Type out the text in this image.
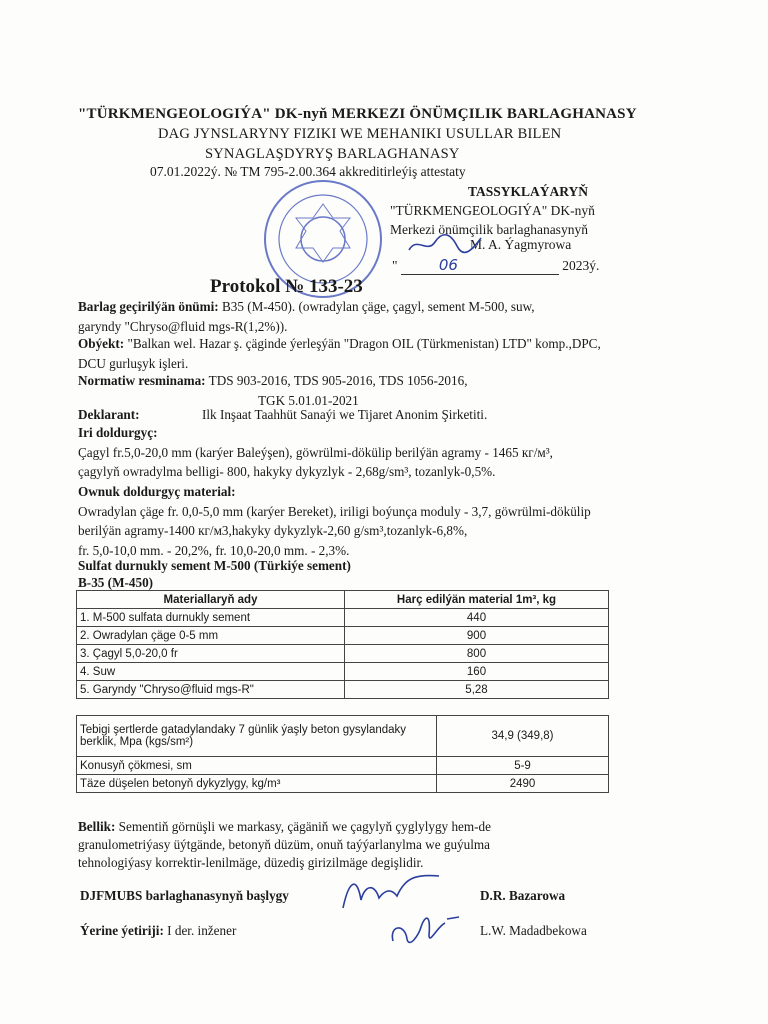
"TÜRKMENGEOLOGIÝA" DK-nyň MERKEZI ÖNÜMÇILIK BARLAGHANASY
DAG JYNSLARYNY FIZIKI WE MEHANIKI USULLAR BILEN
SYNAGLAŞDYRYŞ BARLAGHANASY
07.01.2022ý. № TM 795-2.00.364 akkreditirleýiş attestaty
TASSYKLAÝARYŇ
"TÜRKMENGEOLOGIÝA" DK-nyň
Merkezi önümçilik barlaghanasynyň
M. A. Ýagmyrowa
"	06	2023ý.
Protokol № 133-23
Barlag geçirilýän önümi: B35 (M-450). (owradylan çäge, çagyl, sement M-500, suw,
garyndy "Chryso@fluid mgs-R(1,2%)).
Obýekt: "Balkan wel. Hazar ş. çäginde ýerleşýän "Dragon OIL (Türkmenistan) LTD" komp.,DPC,
DCU gurluşyk işleri.
Normatiw resminama: TDS 903-2016, TDS 905-2016, TDS 1056-2016,
TGK 5.01.01-2021
Deklarant:	Ilk Inşaat Taahhüt Sanaýi we Tijaret Anonim Şirketiti.
Iri doldurgyç:
Çagyl fr.5,0-20,0 mm (karýer Baleýşen), göwrülmi-dökülip berilýän agramy - 1465 кг/м³,
çagylyň owradylma belligi- 800, hakyky dykyzlyk - 2,68g/sm³, tozanlyk-0,5%.
Ownuk doldurgyç material:
Owradylan çäge fr. 0,0-5,0 mm (karýer Bereket), iriligi boýunça moduly - 3,7, göwrülmi-dökülip
berilýän agramy-1400 кг/м3,hakyky dykyzlyk-2,60 g/sm³,tozanlyk-6,8%,
fr. 5,0-10,0 mm. - 20,2%, fr. 10,0-20,0 mm. - 2,3%.
Sulfat durnukly sement M-500 (Türkiýe sement)
B-35 (M-450)
Materiallaryň ady	Harç edilýän material 1m³, kg
1. M-500 sulfata durnukly sement	440
2. Owradylan çäge 0-5 mm	900
3. Çagyl 5,0-20,0 fr	800
4. Suw	160
5. Garyndy "Chryso@fluid mgs-R"	5,28
Tebigi şertlerde gatadylandaky 7 günlik ýaşly beton gysylandaky berklik, Mpa (kgs/sm²)	34,9 (349,8)
Konusyň çökmesi, sm	5-9
Täze düşelen betonyň dykyzlygy, kg/m³	2490
Bellik: Sementiň görnüşli we markasy, çägäniň we çagylyň çyglylygy hem-de
granulometriýasy üýtgände, betonyň düzüm, onuň taýýarlanylma we guýulma
tehnologiýasy korrektir-lenilmäge, düzediş girizilmäge degişlidir.
DJFMUBS barlaghanasynyň başlygy	D.R. Bazarowa
Ýerine ýetiriji: I der. inžener	L.W. Madadbekowa
